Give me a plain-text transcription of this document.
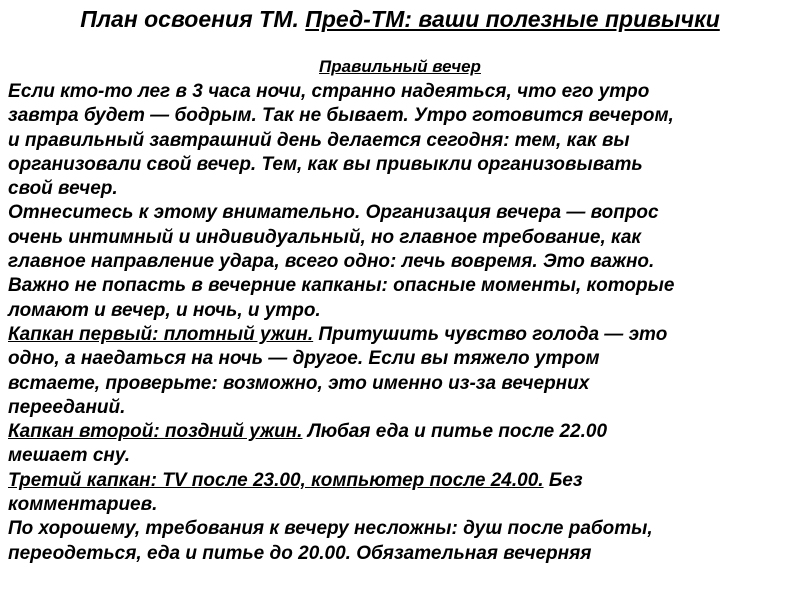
План освоения ТМ. Пред-ТМ: ваши полезные привычки
Правильный вечер
Если кто-то лег в 3 часа ночи, странно надеяться, что его утро
завтра будет — бодрым. Так не бывает. Утро готовится вечером,
и правильный завтрашний день делается сегодня: тем, как вы
организовали свой вечер. Тем, как вы привыкли организовывать
свой вечер.
Отнеситесь к этому внимательно. Организация вечера — вопрос
очень интимный и индивидуальный, но главное требование, как
главное направление удара, всего одно: лечь вовремя. Это важно.
Важно не попасть в вечерние капканы: опасные моменты, которые
ломают и вечер, и ночь, и утро.
Капкан первый: плотный ужин. Притушить чувство голода — это
одно, а наедаться на ночь — другое. Если вы тяжело утром
встаете, проверьте: возможно, это именно из-за вечерних
перееданий.
Капкан второй: поздний ужин. Любая еда и питье после 22.00
мешает сну.
Третий капкан: TV после 23.00, компьютер после 24.00. Без
комментариев.
По хорошему, требования к вечеру несложны: душ после работы,
переодеться, еда и питье до 20.00. Обязательная вечерняя
